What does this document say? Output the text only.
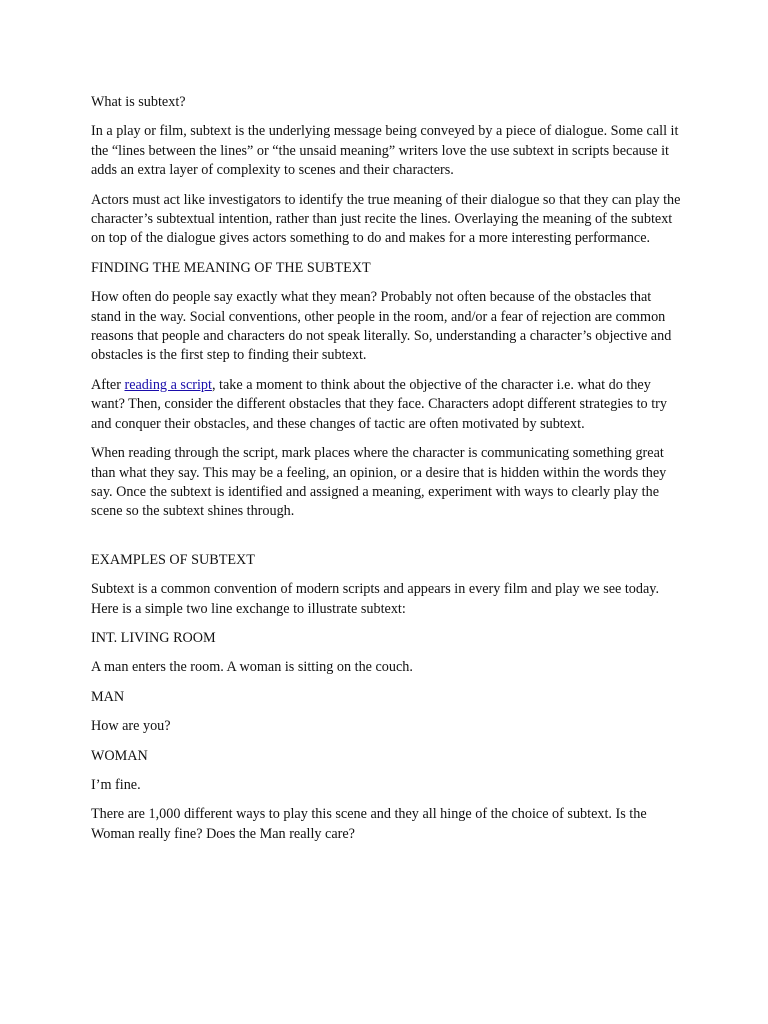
What is subtext?

In a play or film, subtext is the underlying message being conveyed by a piece of dialogue. Some call it the “lines between the lines” or “the unsaid meaning” writers love the use subtext in scripts because it adds an extra layer of complexity to scenes and their characters.

Actors must act like investigators to identify the true meaning of their dialogue so that they can play the character’s subtextual intention, rather than just recite the lines. Overlaying the meaning of the subtext on top of the dialogue gives actors something to do and makes for a more interesting performance.

FINDING THE MEANING OF THE SUBTEXT

How often do people say exactly what they mean? Probably not often because of the obstacles that stand in the way. Social conventions, other people in the room, and/or a fear of rejection are common reasons that people and characters do not speak literally. So, understanding a character’s objective and obstacles is the first step to finding their subtext.

After reading a script, take a moment to think about the objective of the character i.e. what do they want? Then, consider the different obstacles that they face. Characters adopt different strategies to try and conquer their obstacles, and these changes of tactic are often motivated by subtext.

When reading through the script, mark places where the character is communicating something great than what they say. This may be a feeling, an opinion, or a desire that is hidden within the words they say. Once the subtext is identified and assigned a meaning, experiment with ways to clearly play the scene so the subtext shines through.

EXAMPLES OF SUBTEXT

Subtext is a common convention of modern scripts and appears in every film and play we see today. Here is a simple two line exchange to illustrate subtext:

INT. LIVING ROOM

A man enters the room. A woman is sitting on the couch.

MAN

How are you?

WOMAN

I’m fine.

There are 1,000 different ways to play this scene and they all hinge of the choice of subtext. Is the Woman really fine? Does the Man really care?
